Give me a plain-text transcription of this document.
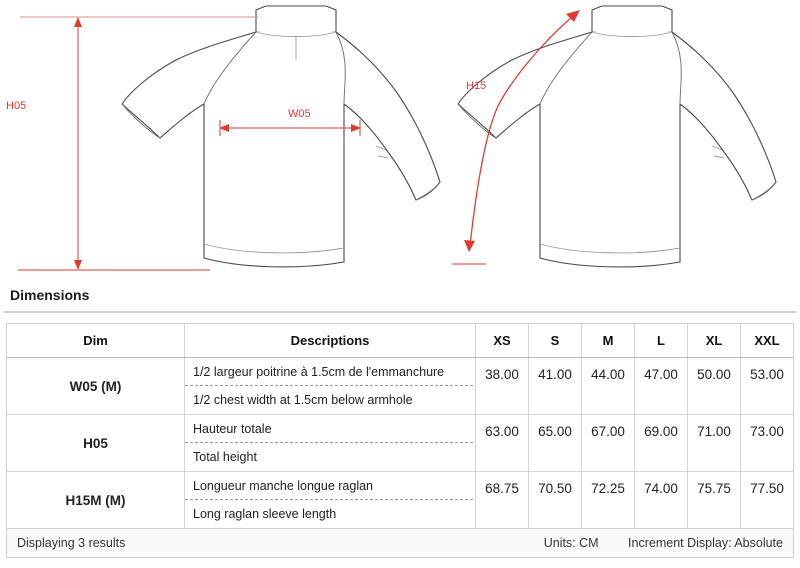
H05
W05
H15
Dimensions
Dim	Descriptions	XS	S	M	L	XL	XXL
W05 (M)	1/2 largeur poitrine à 1.5cm de l'emmanchure
1/2 chest width at 1.5cm below armhole	38.00	41.00	44.00	47.00	50.00	53.00

H05	Hauteur totale
Total height	63.00	65.00	67.00	69.00	71.00	73.00

H15M (M)	Longueur manche longue raglan
Long raglan sleeve length	68.75	70.50	72.25	74.00	75.75	77.50
Displaying 3 results	Units: CM Increment Display: Absolute
